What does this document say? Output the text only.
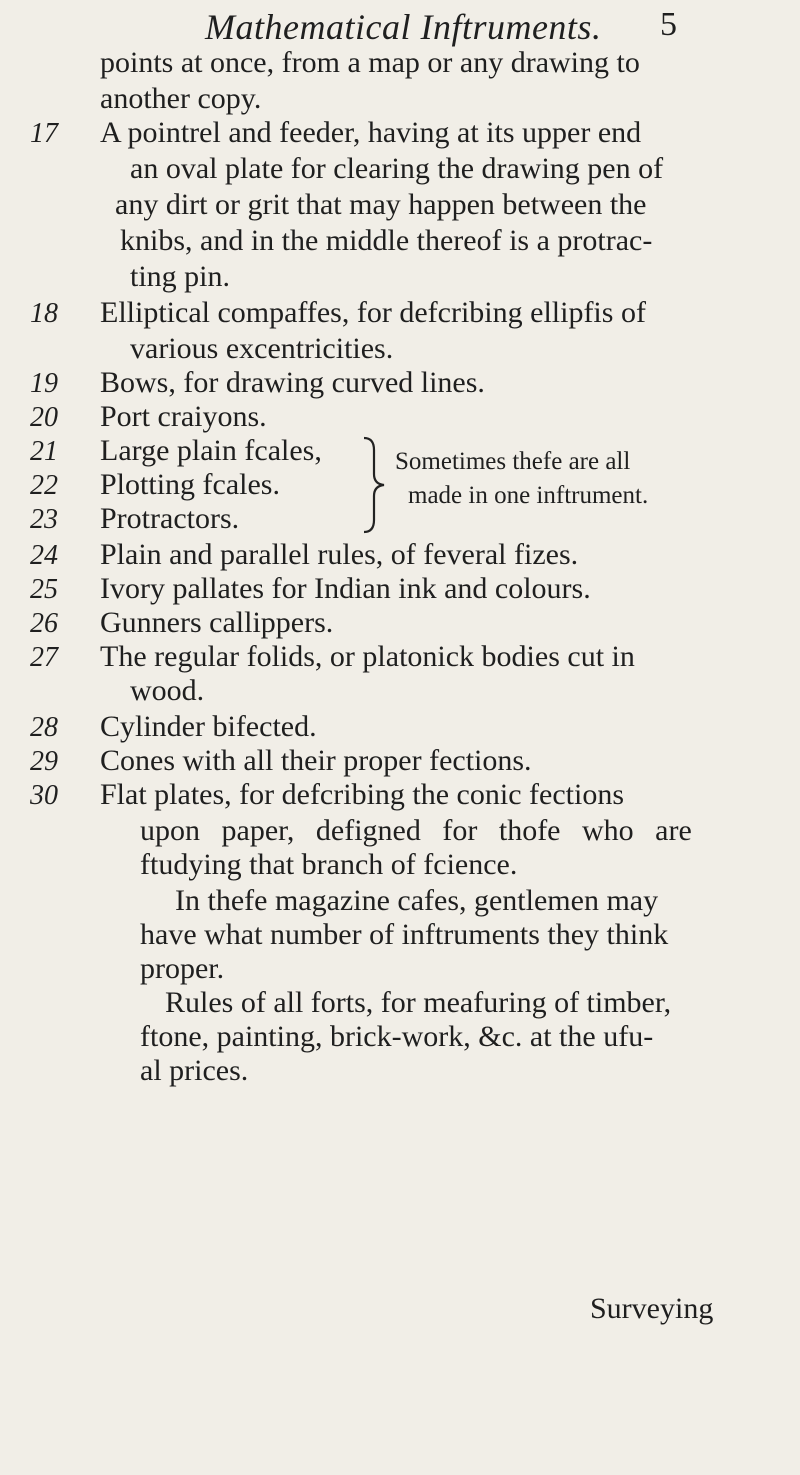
Mathematical Inftruments.	5
points at once, from a map or any drawing to
another copy.
17	A pointrel and feeder, having at its upper end
an oval plate for clearing the drawing pen of
any dirt or grit that may happen between the
knibs, and in the middle thereof is a protrac-
ting pin.
18	Elliptical compaffes, for defcribing ellipfis of
various excentricities.
19	Bows, for drawing curved lines.
20	Port craiyons.
21	Large plain fcales,
22	Plotting fcales.
23	Protractors.
Sometimes thefe are all
made in one inftrument.
24	Plain and parallel rules, of feveral fizes.
25	Ivory pallates for Indian ink and colours.
26	Gunners callippers.
27	The regular folids, or platonick bodies cut in
wood.
28	Cylinder bifected.
29	Cones with all their proper fections.
30	Flat plates, for defcribing the conic fections
upon paper, defigned for thofe who are
ftudying that branch of fcience.
In thefe magazine cafes, gentlemen may
have what number of inftruments they think
proper.
Rules of all forts, for meafuring of timber,
ftone, painting, brick-work, &c. at the ufu-
al prices.
Surveying
